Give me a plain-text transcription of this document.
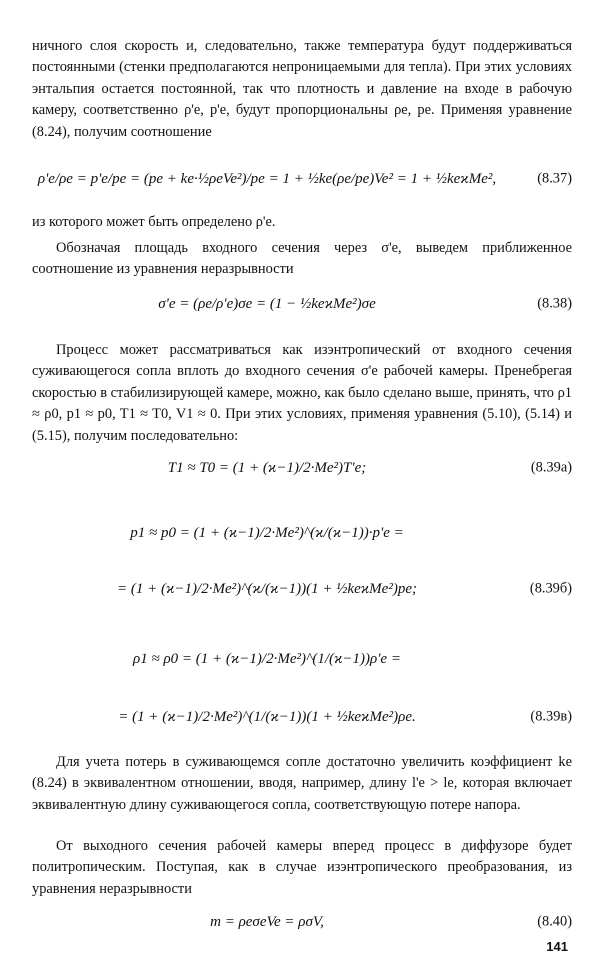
ничного слоя скорость и, следовательно, также температура будут поддерживаться постоянными (стенки предполагаются непроницаемыми для тепла). При этих условиях энтальпия остается постоянной, так что плотность и давление на входе в рабочую камеру, соответственно ρ'e, p'e, будут пропорциональны ρe, pe. Применяя уравнение (8.24), получим соотношение

ρ'e/ρe = p'e/pe = (pe + ke·½ρeVe²)/pe = 1 + ½ke(ρe/pe)Ve² = 1 + ½keϰMe²,	(8.37)

из которого может быть определено ρ'e.

Обозначая площадь входного сечения через σ'e, выведем приближенное соотношение из уравнения неразрывности

σ'e = (ρe/ρ'e)σe = (1 − ½keϰMe²)σe	(8.38)

Процесс может рассматриваться как изэнтропический от входного сечения суживающегося сопла вплоть до входного сечения σ'e рабочей камеры. Пренебрегая скоростью в стабилизирующей камере, можно, как было сделано выше, принять, что ρ1 ≈ ρ0, p1 ≈ p0, T1 ≈ T0, V1 ≈ 0. При этих условиях, применяя уравнения (5.10), (5.14) и (5.15), получим последовательно:

T1 ≈ T0 = (1 + (ϰ−1)/2·Me²)T'e;	(8.39a)
p1 ≈ p0 = (1 + (ϰ−1)/2·Me²)^(ϰ/(ϰ−1))·p'e =
= (1 + (ϰ−1)/2·Me²)^(ϰ/(ϰ−1))(1 + ½keϰMe²)pe;	(8.39б)
ρ1 ≈ ρ0 = (1 + (ϰ−1)/2·Me²)^(1/(ϰ−1))ρ'e =
= (1 + (ϰ−1)/2·Me²)^(1/(ϰ−1))(1 + ½keϰMe²)ρe.	(8.39в)

Для учета потерь в суживающемся сопле достаточно увеличить коэффициент ke (8.24) в эквивалентном отношении, вводя, например, длину l'e > le, которая включает эквивалентную длину суживающегося сопла, соответствующую потере напора.

От выходного сечения рабочей камеры вперед процесс в диффузоре будет политропическим. Поступая, как в случае изэнтропического преобразования, из уравнения неразрывности

m = ρeσeVe = ρσV,	(8.40)
141
